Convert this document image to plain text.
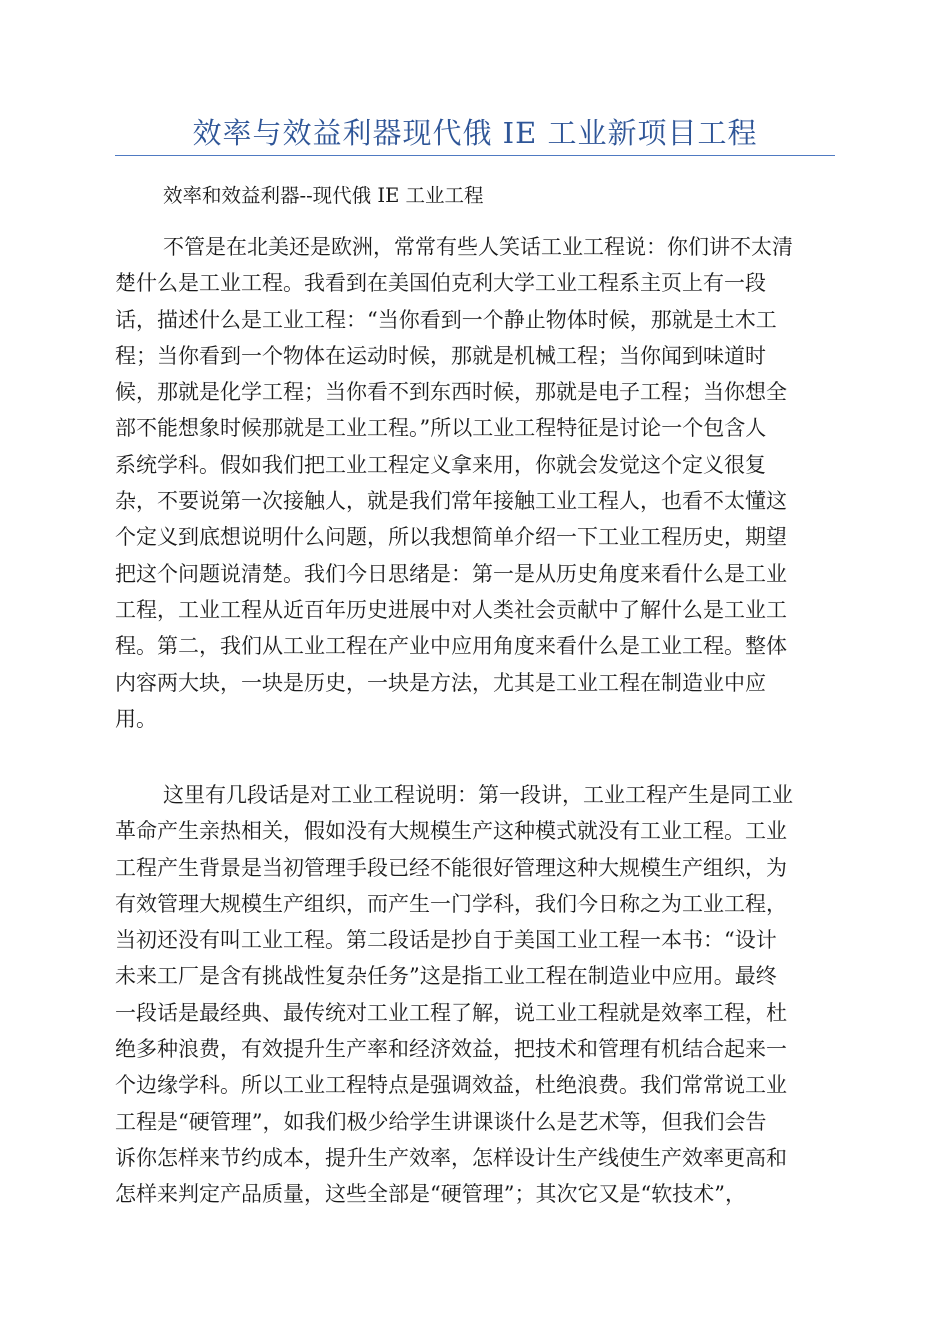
效率与效益利器现代俄 IE 工业新项目工程

效率和效益利器--现代俄 IE 工业工程

不管是在北美还是欧洲，常常有些人笑话工业工程说：你们讲不太清
楚什么是工业工程。我看到在美国伯克利大学工业工程系主页上有一段
话，描述什么是工业工程：“当你看到一个静止物体时候，那就是土木工
程；当你看到一个物体在运动时候，那就是机械工程；当你闻到味道时
候，那就是化学工程；当你看不到东西时候，那就是电子工程；当你想全
部不能想象时候那就是工业工程。”所以工业工程特征是讨论一个包含人
系统学科。假如我们把工业工程定义拿来用，你就会发觉这个定义很复
杂，不要说第一次接触人，就是我们常年接触工业工程人，也看不太懂这
个定义到底想说明什么问题，所以我想简单介绍一下工业工程历史，期望
把这个问题说清楚。我们今日思绪是：第一是从历史角度来看什么是工业
工程，工业工程从近百年历史进展中对人类社会贡献中了解什么是工业工
程。第二，我们从工业工程在产业中应用角度来看什么是工业工程。整体
内容两大块，一块是历史，一块是方法，尤其是工业工程在制造业中应
用。
这里有几段话是对工业工程说明：第一段讲，工业工程产生是同工业
革命产生亲热相关，假如没有大规模生产这种模式就没有工业工程。工业
工程产生背景是当初管理手段已经不能很好管理这种大规模生产组织，为
有效管理大规模生产组织，而产生一门学科，我们今日称之为工业工程，
当初还没有叫工业工程。第二段话是抄自于美国工业工程一本书：“设计
未来工厂是含有挑战性复杂任务”这是指工业工程在制造业中应用。最终
一段话是最经典、最传统对工业工程了解，说工业工程就是效率工程，杜
绝多种浪费，有效提升生产率和经济效益，把技术和管理有机结合起来一
个边缘学科。所以工业工程特点是强调效益，杜绝浪费。我们常常说工业
工程是“硬管理”，如我们极少给学生讲课谈什么是艺术等，但我们会告
诉你怎样来节约成本，提升生产效率，怎样设计生产线使生产效率更高和
怎样来判定产品质量，这些全部是“硬管理”；其次它又是“软技术”，
